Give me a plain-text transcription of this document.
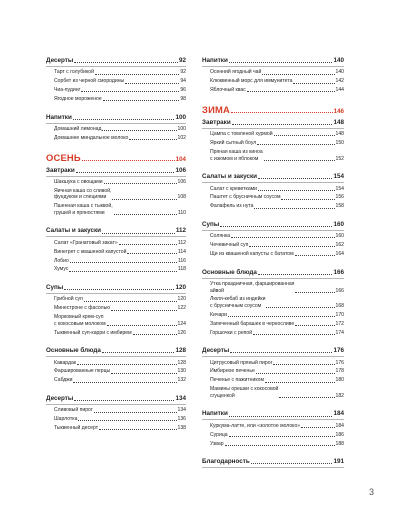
Десерты	92
Тарт с голубикой	92
Сорбет из черной смородины	94
Чиа-пудинг	96
Ягодное мороженое	98
Напитки	100
Домашний лимонад	100
Домашнее миндальное молоко	102
ОСЕНЬ	104
Завтраки	106
Шакшука с овощами	106
Яичная каша со сливой,
фундуком и специями	108
Пшенная каша с тыквой,
грушей и пряностями	110
Салаты и закуски	112
Салат «Гранатовый закат»	112
Винегрет с квашеной капустой	114
Лобио	116
Хумус	118
Супы	120
Грибной суп	120
Минестроне с фасолью	122
Морковный крем-суп
с кокосовым молоком	124
Тыквенный суп-карри с имбирем	126
Основные блюда	128
Кавардак	128
Фаршированные перцы	130
Сабджи	132
Десерты	134
Сливовый пирог	134
Шарлотка	136
Тыквенный десерт	138
Напитки	140
Осенний ягодный чай	140
Клюквенный морс для иммунитета	142
Яблочный квас	144
ЗИМА	146
Завтраки	148
Цампа с томленой хурмой	148
Яркий сытный боул	150
Пряная каша из киноа
с изюмом и яблоком	152
Салаты и закуски	154
Салат с креветками	154
Паштет с брусничным соусом	156
Фалафель из нута	158
Супы	160
Солянка	160
Чечевичный суп	162
Щи из квашеной капусты с бататом	164
Основные блюда	166
Утка праздничная, фаршированная
айвой	166
Люля-кебаб из индейки
с брусничным соусом	168
Кичари	170
Запеченный барашек в черносливе	172
Горшочки с репой	174
Десерты	176
Цитрусовый пряный пирог	176
Имбирное печенье	178
Печенье с пажитником	180
Мамины орешки с кокосовой
сгущенкой	182
Напитки	184
Куркума-латте, или «золотое молоко»	184
Сурица	186
Узвар	188
Благодарность	191
3
